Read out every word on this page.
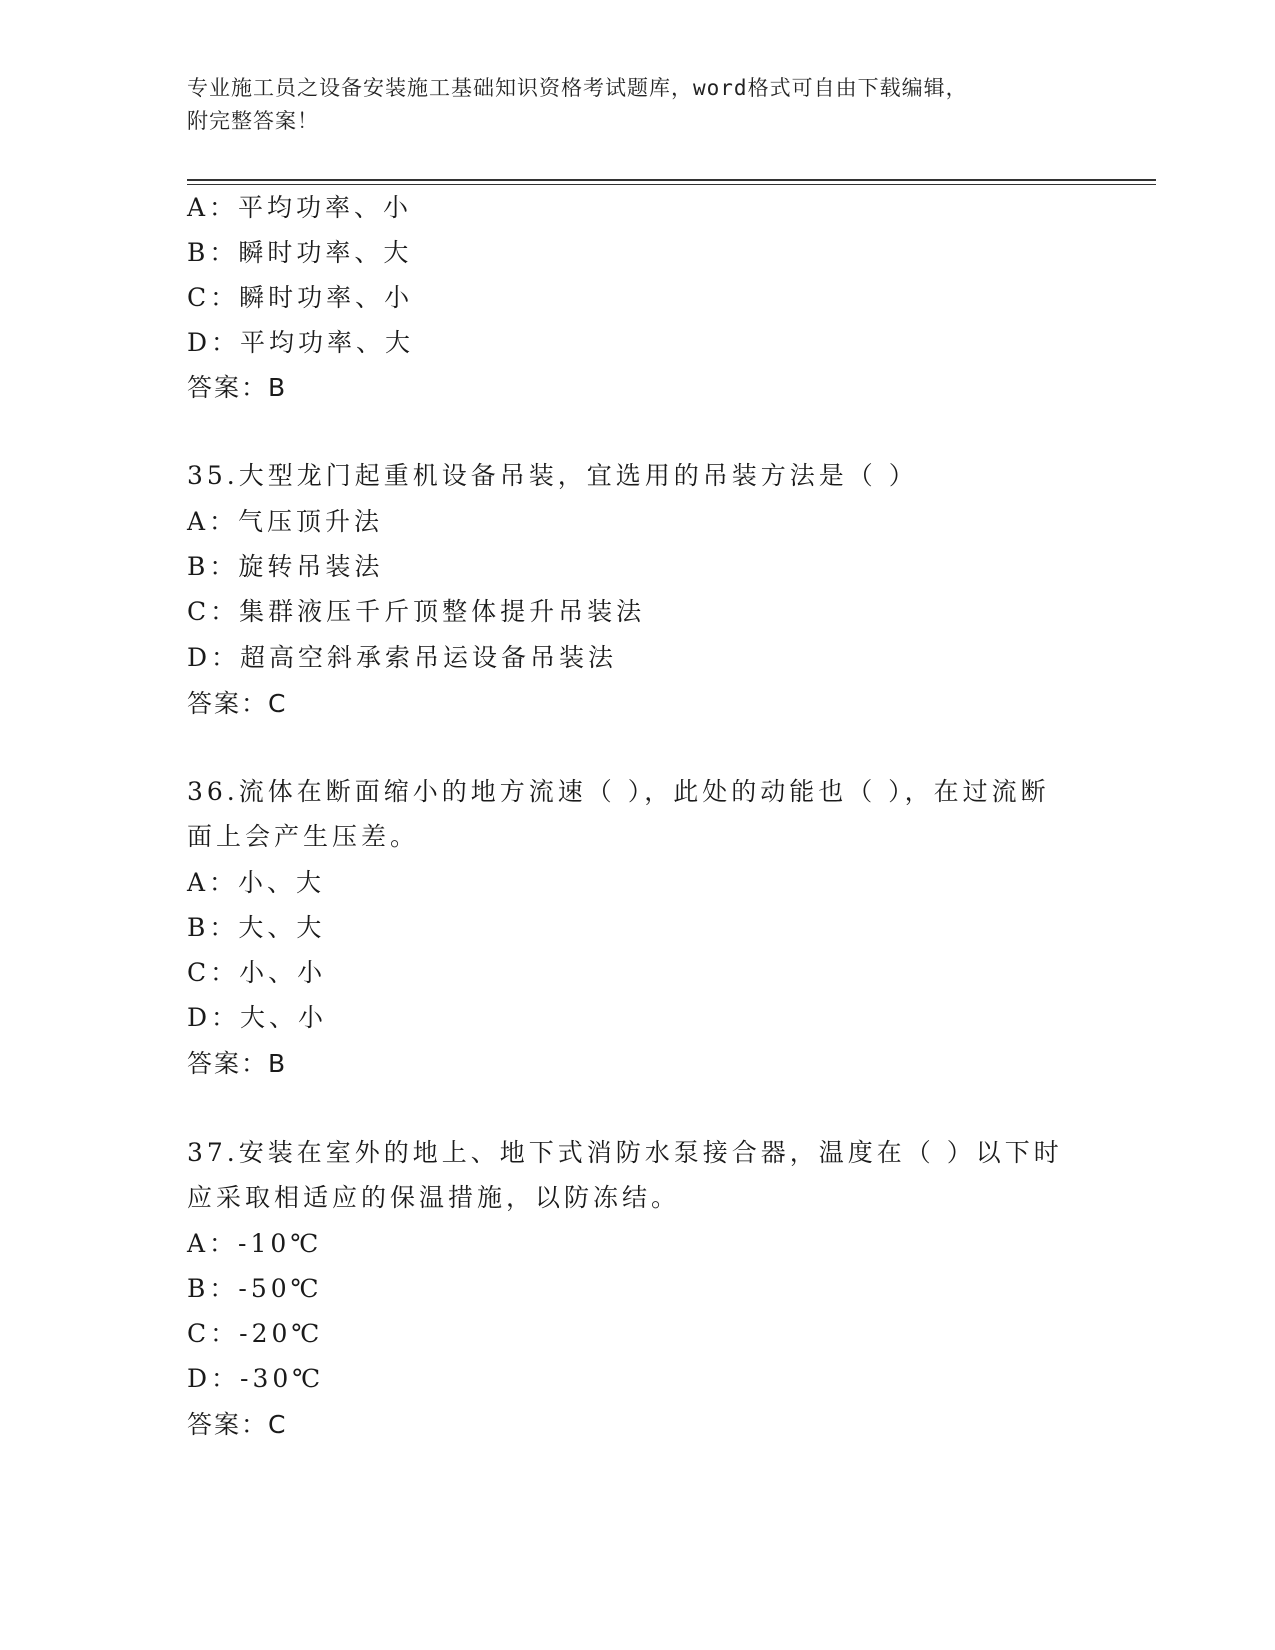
专业施工员之设备安装施工基础知识资格考试题库，word格式可自由下载编辑，
附完整答案！
A：平均功率、小
B：瞬时功率、大
C：瞬时功率、小
D：平均功率、大
答案：B
35.大型龙门起重机设备吊装，宜选用的吊装方法是（ ）
A：气压顶升法
B：旋转吊装法
C：集群液压千斤顶整体提升吊装法
D：超高空斜承索吊运设备吊装法
答案：C
36.流体在断面缩小的地方流速（ ），此处的动能也（ ），在过流断
面上会产生压差。
A：小、大
B：大、大
C：小、小
D：大、小
答案：B
37.安装在室外的地上、地下式消防水泵接合器，温度在（ ）以下时
应采取相适应的保温措施，以防冻结。
A：-10℃
B：-50℃
C：-20℃
D：-30℃
答案：C
